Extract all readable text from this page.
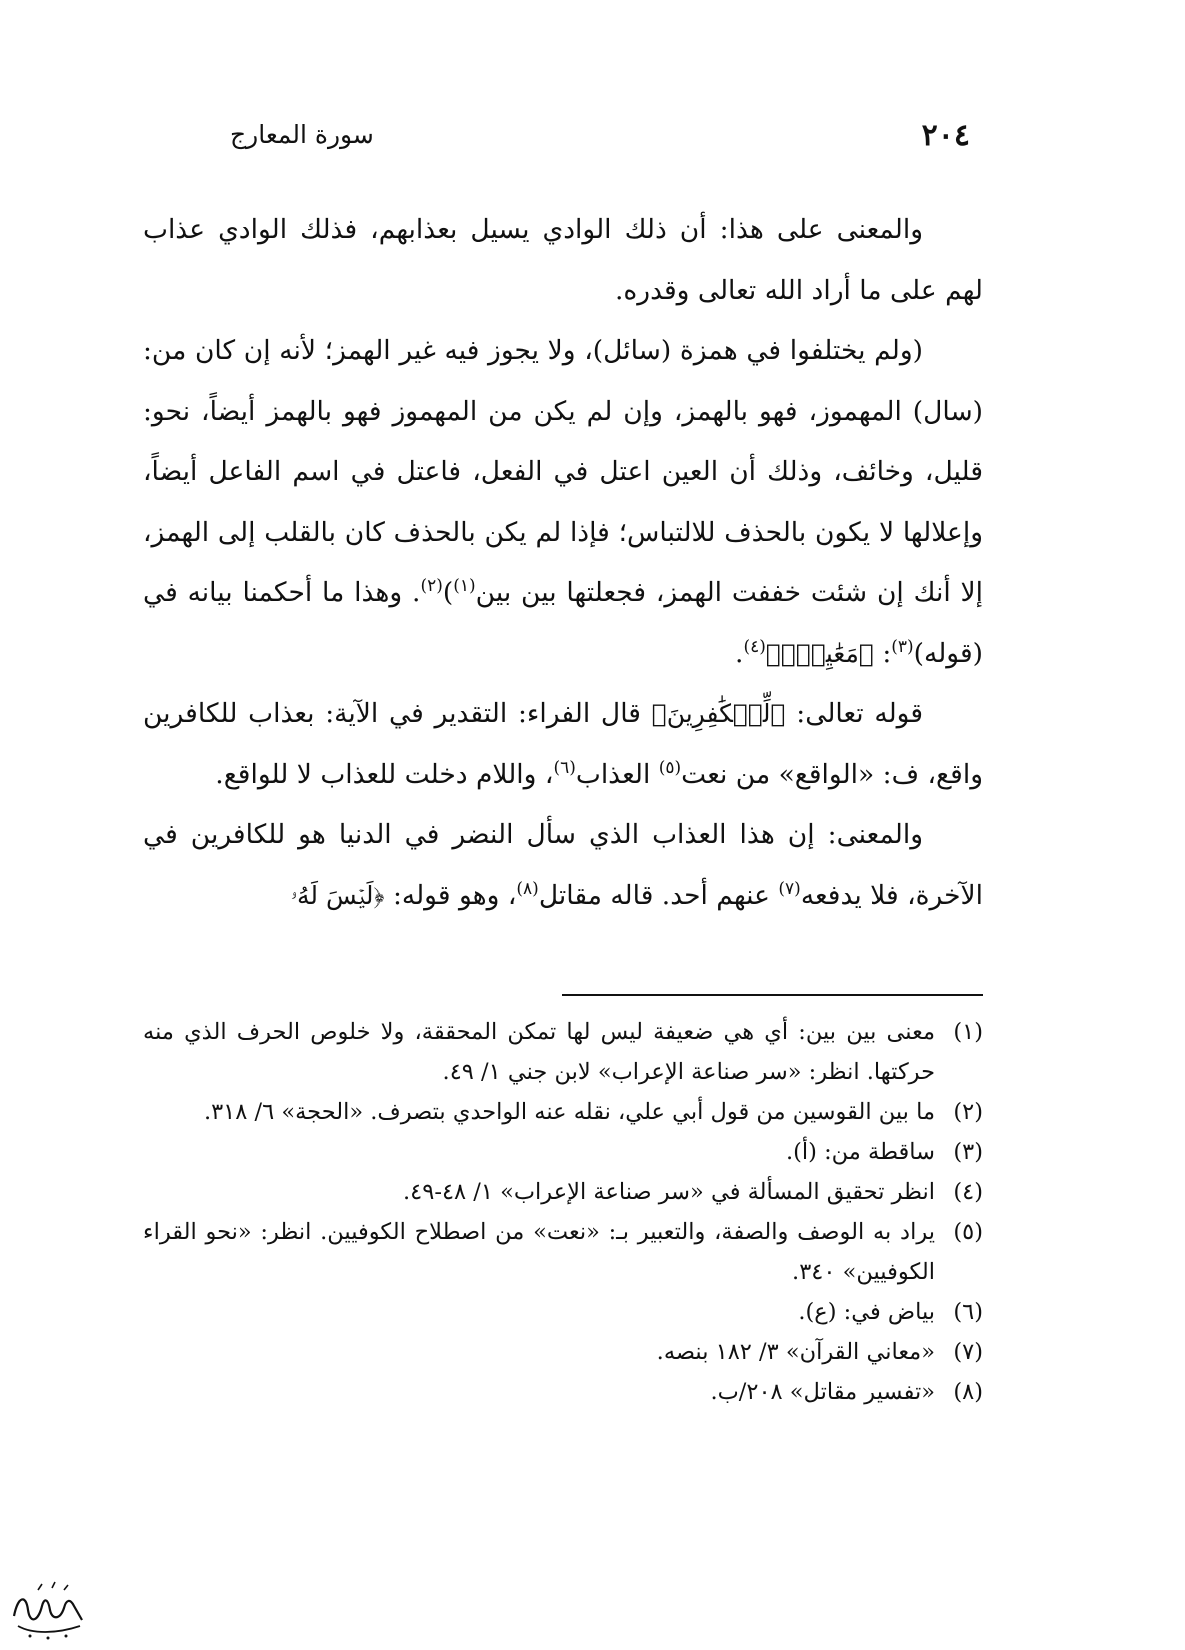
٢٠٤
سورة المعارج

والمعنى على هذا: أن ذلك الوادي يسيل بعذابهم، فذلك الوادي عذاب لهم على ما أراد الله تعالى وقدره.

(ولم يختلفوا في همزة (سائل)، ولا يجوز فيه غير الهمز؛ لأنه إن كان من: (سال) المهموز، فهو بالهمز، وإن لم يكن من المهموز فهو بالهمز أيضاً، نحو: قليل، وخائف، وذلك أن العين اعتل في الفعل، فاعتل في اسم الفاعل أيضاً، وإعلالها لا يكون بالحذف للالتباس؛ فإذا لم يكن بالحذف كان بالقلب إلى الهمز، إلا أنك إن شئت خففت الهمز، فجعلتها بين بين$^{(١)}$)$^{(٢)}$. وهذا ما أحكمنا بيانه في (قوله)$^{(٣)}$: ﴿مَعَٰيِشَۗ﴾$^{(٤)}$.

قوله تعالى: ﴿لِّلۡكَٰفِرِينَ﴾ قال الفراء: التقدير في الآية: بعذاب للكافرين واقع، ف: «الواقع» من نعت$^{(٥)}$ العذاب$^{(٦)}$، واللام دخلت للعذاب لا للواقع.

والمعنى: إن هذا العذاب الذي سأل النضر في الدنيا هو للكافرين في الآخرة، فلا يدفعه$^{(٧)}$ عنهم أحد. قاله مقاتل$^{(٨)}$، وهو قوله: ﴿لَيۡسَ لَهُۥ

(١)
معنى بين بين: أي هي ضعيفة ليس لها تمكن المحققة، ولا خلوص الحرف الذي منه حركتها. انظر: «سر صناعة الإعراب» لابن جني ١/ ٤٩.
(٢)
ما بين القوسين من قول أبي علي، نقله عنه الواحدي بتصرف. «الحجة» ٦/ ٣١٨.
(٣)
ساقطة من: (أ).
(٤)
انظر تحقيق المسألة في «سر صناعة الإعراب» ١/ ٤٨-٤٩.
(٥)
يراد به الوصف والصفة، والتعبير بـ: «نعت» من اصطلاح الكوفيين. انظر: «نحو القراء الكوفيين» ٣٤٠.
(٦)
بياض في: (ع).
(٧)
«معاني القرآن» ٣/ ١٨٢ بنصه.
(٨)
«تفسير مقاتل» ٢٠٨/ب.
